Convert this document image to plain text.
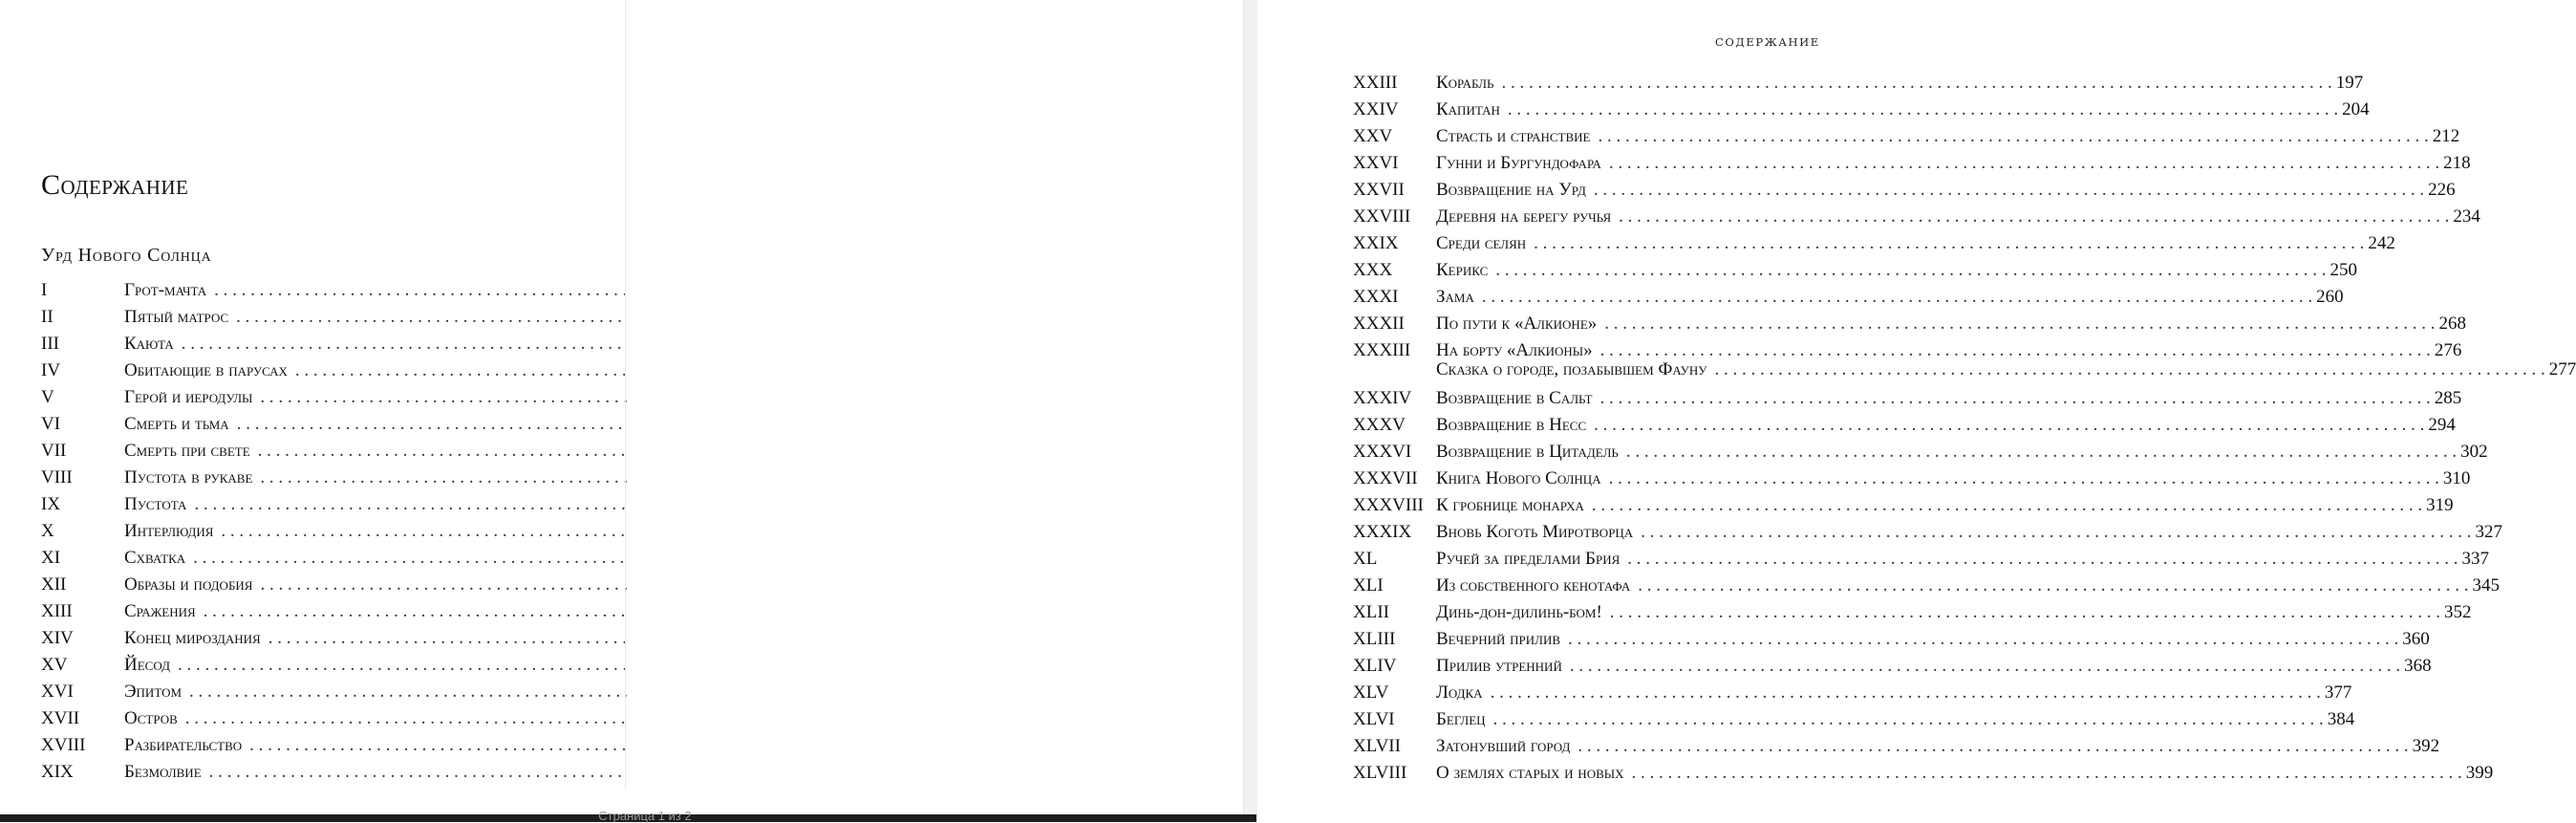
Содержание
Урд Нового Солнца
I	Грот-мачта
. . .
II	Пятый матрос
. . .
III	Каюта
. . .
IV	Обитающие в парусах
. . .
V	Герой и иеродулы
. . .
VI	Смерть и тьма
. . .
VII	Смерть при свете
. . .
VIII	Пустота в рукаве
. . .
IX	Пустота
. . .
X	Интерлюдия
. . .
XI	Схватка
. . .
XII	Образы и подобия
. . .
XIII	Сражения
. . .
XIV	Конец мироздания
. . .
XV	Йесод
. . .
XVI	Эпитом
. . .
XVII	Остров
. . .
XVIII	Разбирательство
. . .
XIX	Безмолвие
. . .
СОДЕРЖАНИЕ
XXIII	Корабль . . .	197
XXIV	Капитан . . .	204
XXV	Страсть и странствие . . .	212
XXVI	Гунни и Бургундофара . . .	218
XXVII	Возвращение на Урд . . .	226
XXVIII	Деревня на берегу ручья . . .	234
XXIX	Среди селян . . .	242
XXX	Керикс . . .	250
XXXI	Зама . . .	260
XXXII	По пути к «Алкионе» . . .	268
XXXIII	На борту «Алкионы» . . .	276
Сказка о городе, позабывшем Фауну . . .	277
XXXIV	Возвращение в Сальт . . .	285
XXXV	Возвращение в Несс . . .	294
XXXVI	Возвращение в Цитадель . . .	302
XXXVII	Книга Нового Солнца . . .	310
XXXVIII К гробнице монарха . . .	319
XXXIX	Вновь Коготь Миротворца . . .	327
XL	Ручей за пределами Брия . . .	337
XLI	Из собственного кенотафа . . .	345
XLII	Динь-дон-дилинь-бом! . . .	352
XLIII	Вечерний прилив . . .	360
XLIV	Прилив утренний . . .	368
XLV	Лодка . . .	377
XLVI	Беглец . . .	384
XLVII	Затонувший город . . .	392
XLVIII	О землях старых и новых . . .	399
Страница 1 из 2
